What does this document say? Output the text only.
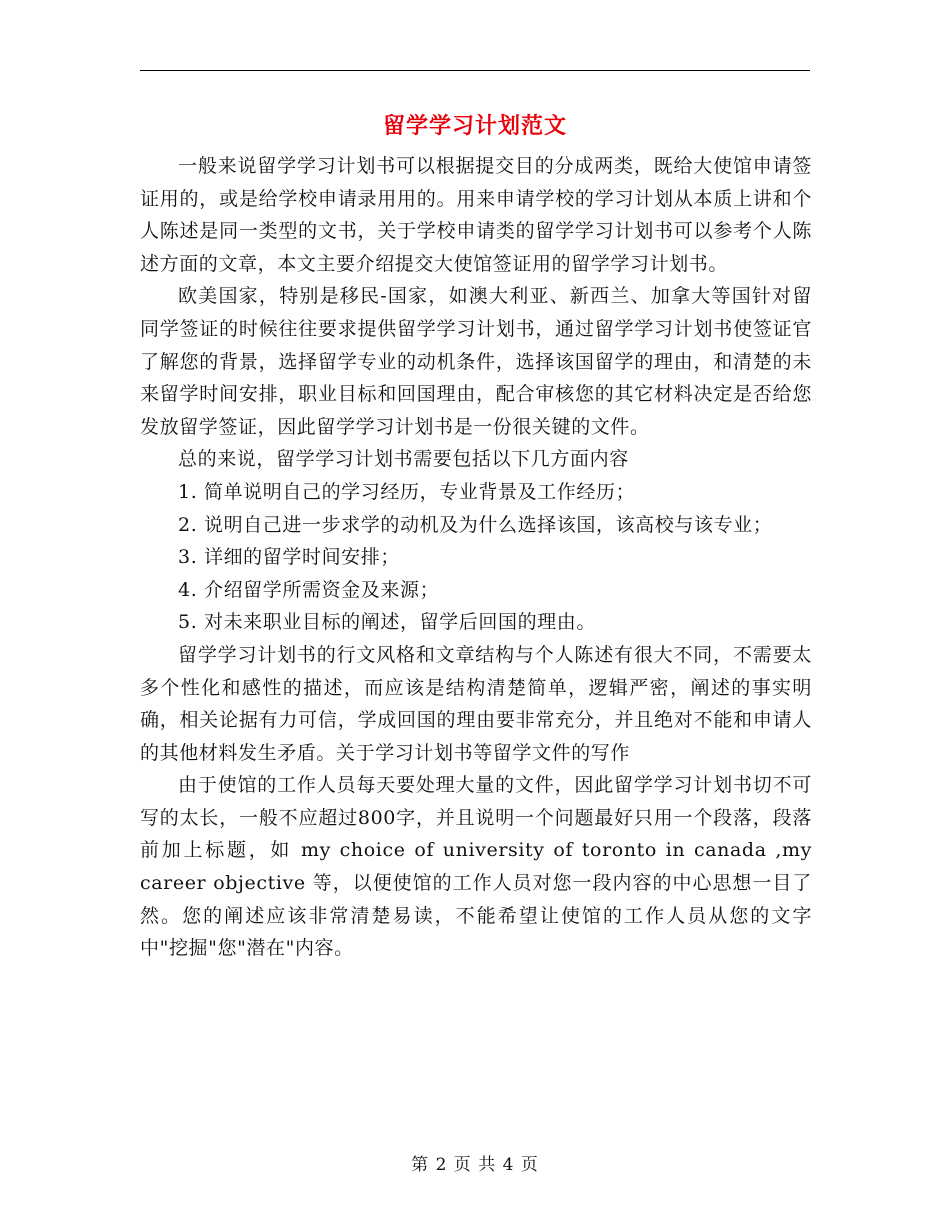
留学学习计划范文

一般来说留学学习计划书可以根据提交目的分成两类，既给大使馆申请签证用的，或是给学校申请录用用的。用来申请学校的学习计划从本质上讲和个人陈述是同一类型的文书，关于学校申请类的留学学习计划书可以参考个人陈述方面的文章，本文主要介绍提交大使馆签证用的留学学习计划书。

欧美国家，特别是移民-国家，如澳大利亚、新西兰、加拿大等国针对留同学签证的时候往往要求提供留学学习计划书，通过留学学习计划书使签证官了解您的背景，选择留学专业的动机条件，选择该国留学的理由，和清楚的未来留学时间安排，职业目标和回国理由，配合审核您的其它材料决定是否给您发放留学签证，因此留学学习计划书是一份很关键的文件。

总的来说，留学学习计划书需要包括以下几方面内容

1. 简单说明自己的学习经历，专业背景及工作经历；

2. 说明自己进一步求学的动机及为什么选择该国，该高校与该专业；

3. 详细的留学时间安排；

4. 介绍留学所需资金及来源；

5. 对未来职业目标的阐述，留学后回国的理由。

留学学习计划书的行文风格和文章结构与个人陈述有很大不同，不需要太多个性化和感性的描述，而应该是结构清楚简单，逻辑严密，阐述的事实明确，相关论据有力可信，学成回国的理由要非常充分，并且绝对不能和申请人的其他材料发生矛盾。关于学习计划书等留学文件的写作

由于使馆的工作人员每天要处理大量的文件，因此留学学习计划书切不可写的太长，一般不应超过800字，并且说明一个问题最好只用一个段落，段落前加上标题，如 my choice of university of toronto in canada ,my career objective 等，以便使馆的工作人员对您一段内容的中心思想一目了然。您的阐述应该非常清楚易读，不能希望让使馆的工作人员从您的文字中"挖掘"您"潜在"内容。

第 2 页 共 4 页
